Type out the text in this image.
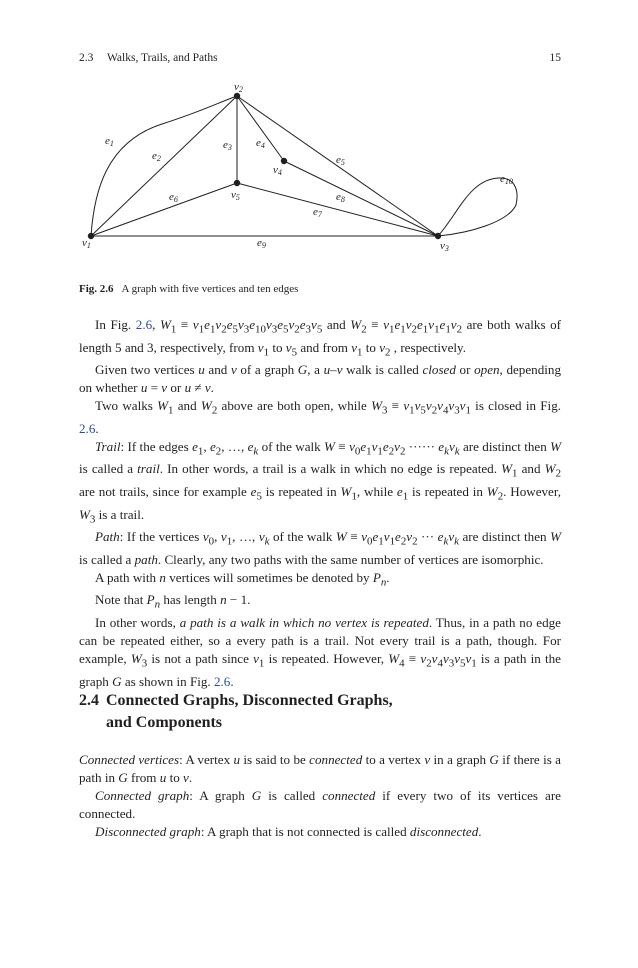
2.3 Walks, Trails, and Paths	15
v1
v2
v3
v4
v5
e1
e2
e3 e4
e5
e6
e7
e8
e9
e10
Fig. 2.6 A graph with five vertices and ten edges

In Fig. 2.6, $W_1 \equiv v_1e_1v_2e_5v_3e_{10}v_3e_5v_2e_3v_5$ and $W_2 \equiv v_1e_1v_2e_1v_1e_1v_2$ are both walks of length 5 and 3, respectively, from $v_1$ to $v_5$ and from $v_1$ to $v_2$ , respectively.

Given two vertices u and v of a graph G, a u–v walk is called closed or open, depending on whether u = v or u ≠ v.

Two walks $W_1$ and $W_2$ above are both open, while $W_3 \equiv v_1v_5v_2v_4v_3v_1$ is closed in Fig. 2.6.

Trail: If the edges $e_1$, $e_2$, …, $e_k$ of the walk $W \equiv v_0e_1v_1e_2v_2$ ······ $e_kv_k$ are distinct then W is called a trail. In other words, a trail is a walk in which no edge is repeated. $W_1$ and $W_2$ are not trails, since for example $e_5$ is repeated in $W_1$, while $e_1$ is repeated in $W_2$. However, $W_3$ is a trail.

Path: If the vertices $v_0$, $v_1$, …, $v_k$ of the walk $W \equiv v_0e_1v_1e_2v_2$ ··· $e_kv_k$ are distinct then W is called a path. Clearly, any two paths with the same number of vertices are isomorphic.

A path with n vertices will sometimes be denoted by $P_n$.

Note that $P_n$ has length n − 1.

In other words, a path is a walk in which no vertex is repeated. Thus, in a path no edge can be repeated either, so a every path is a trail. Not every trail is a path, though. For example, $W_3$ is not a path since $v_1$ is repeated. However, $W_4 \equiv v_2v_4v_3v_5v_1$ is a path in the graph G as shown in Fig. 2.6.

2.4 Connected Graphs, Disconnected Graphs,
and Components

Connected vertices: A vertex u is said to be connected to a vertex v in a graph G if there is a path in G from u to v.

Connected graph: A graph G is called connected if every two of its vertices are connected.

Disconnected graph: A graph that is not connected is called disconnected.
